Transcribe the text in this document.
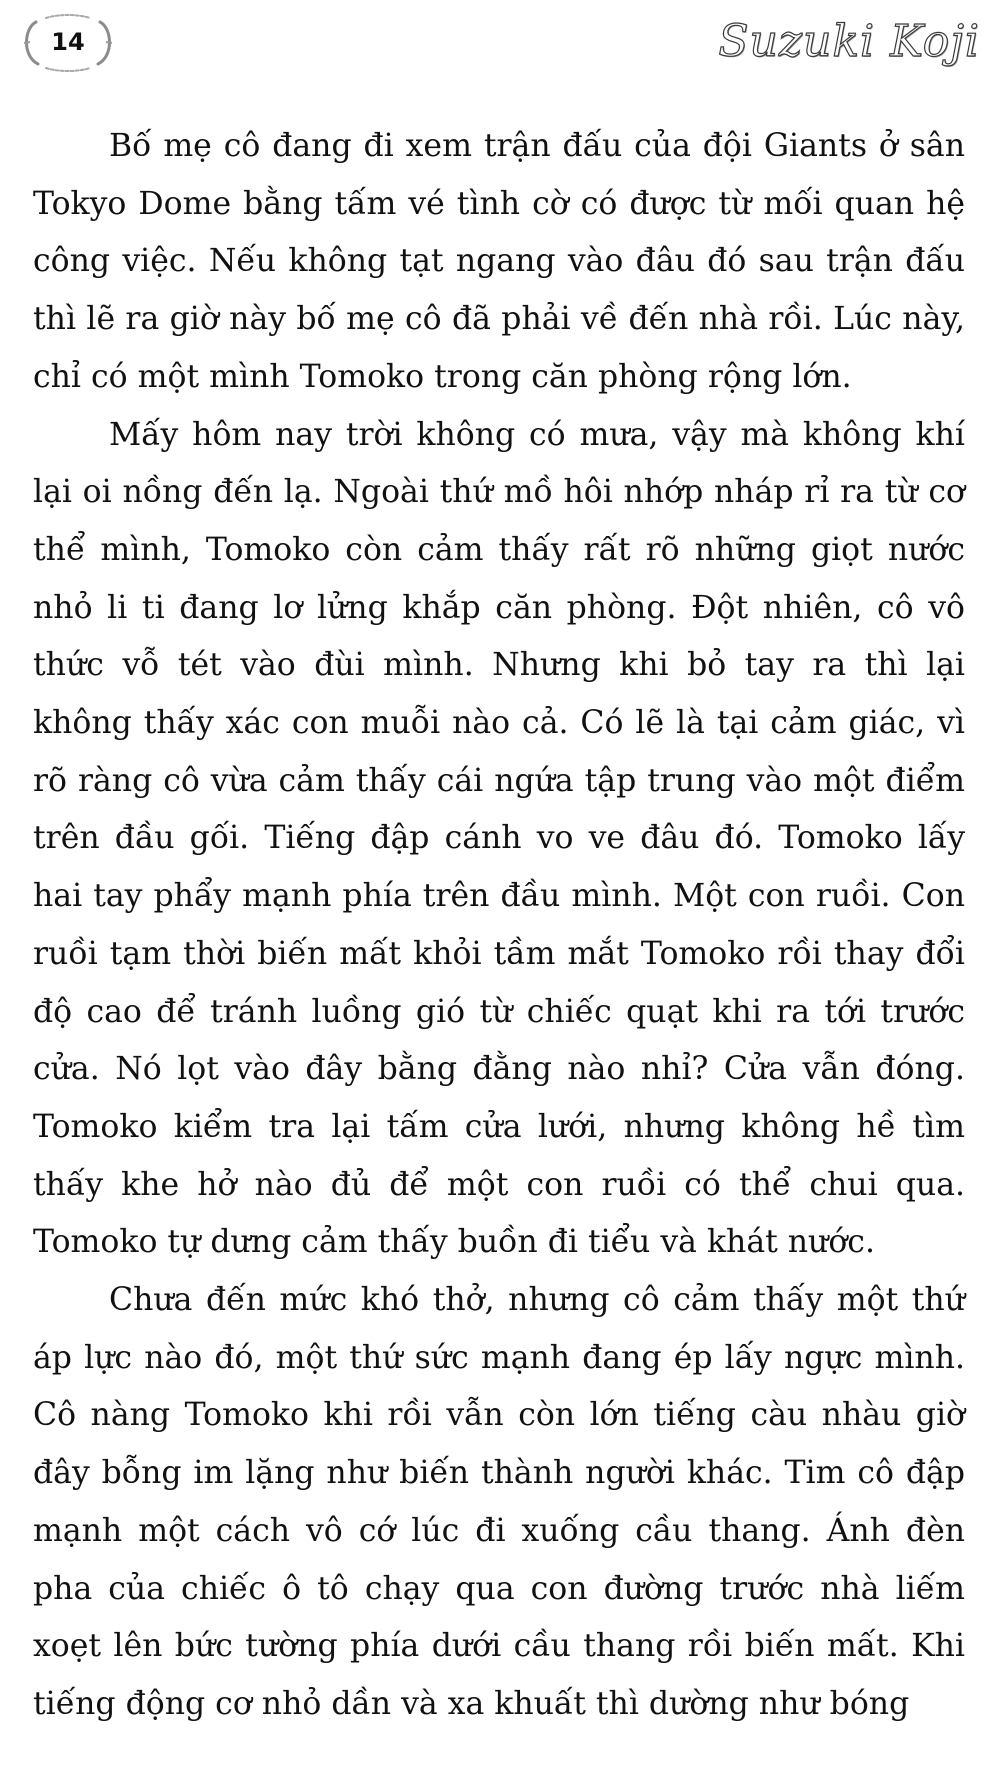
14	Suzuki Koji

Bố mẹ cô đang đi xem trận đấu của đội Giants ở sân Tokyo Dome bằng tấm vé tình cờ có được từ mối quan hệ công việc. Nếu không tạt ngang vào đâu đó sau trận đấu thì lẽ ra giờ này bố mẹ cô đã phải về đến nhà rồi. Lúc này, chỉ có một mình Tomoko trong căn phòng rộng lớn.

Mấy hôm nay trời không có mưa, vậy mà không khí lại oi nồng đến lạ. Ngoài thứ mồ hôi nhớp nháp rỉ ra từ cơ thể mình, Tomoko còn cảm thấy rất rõ những giọt nước nhỏ li ti đang lơ lửng khắp căn phòng. Đột nhiên, cô vô thức vỗ tét vào đùi mình. Nhưng khi bỏ tay ra thì lại không thấy xác con muỗi nào cả. Có lẽ là tại cảm giác, vì rõ ràng cô vừa cảm thấy cái ngứa tập trung vào một điểm trên đầu gối. Tiếng đập cánh vo ve đâu đó. Tomoko lấy hai tay phẩy mạnh phía trên đầu mình. Một con ruồi. Con ruồi tạm thời biến mất khỏi tầm mắt Tomoko rồi thay đổi độ cao để tránh luồng gió từ chiếc quạt khi ra tới trước cửa. Nó lọt vào đây bằng đằng nào nhỉ? Cửa vẫn đóng. Tomoko kiểm tra lại tấm cửa lưới, nhưng không hề tìm thấy khe hở nào đủ để một con ruồi có thể chui qua. Tomoko tự dưng cảm thấy buồn đi tiểu và khát nước.

Chưa đến mức khó thở, nhưng cô cảm thấy một thứ áp lực nào đó, một thứ sức mạnh đang ép lấy ngực mình. Cô nàng Tomoko khi rồi vẫn còn lớn tiếng càu nhàu giờ đây bỗng im lặng như biến thành người khác. Tim cô đập mạnh một cách vô cớ lúc đi xuống cầu thang. Ánh đèn pha của chiếc ô tô chạy qua con đường trước nhà liếm xoẹt lên bức tường phía dưới cầu thang rồi biến mất. Khi tiếng động cơ nhỏ dần và xa khuất thì dường như bóng
